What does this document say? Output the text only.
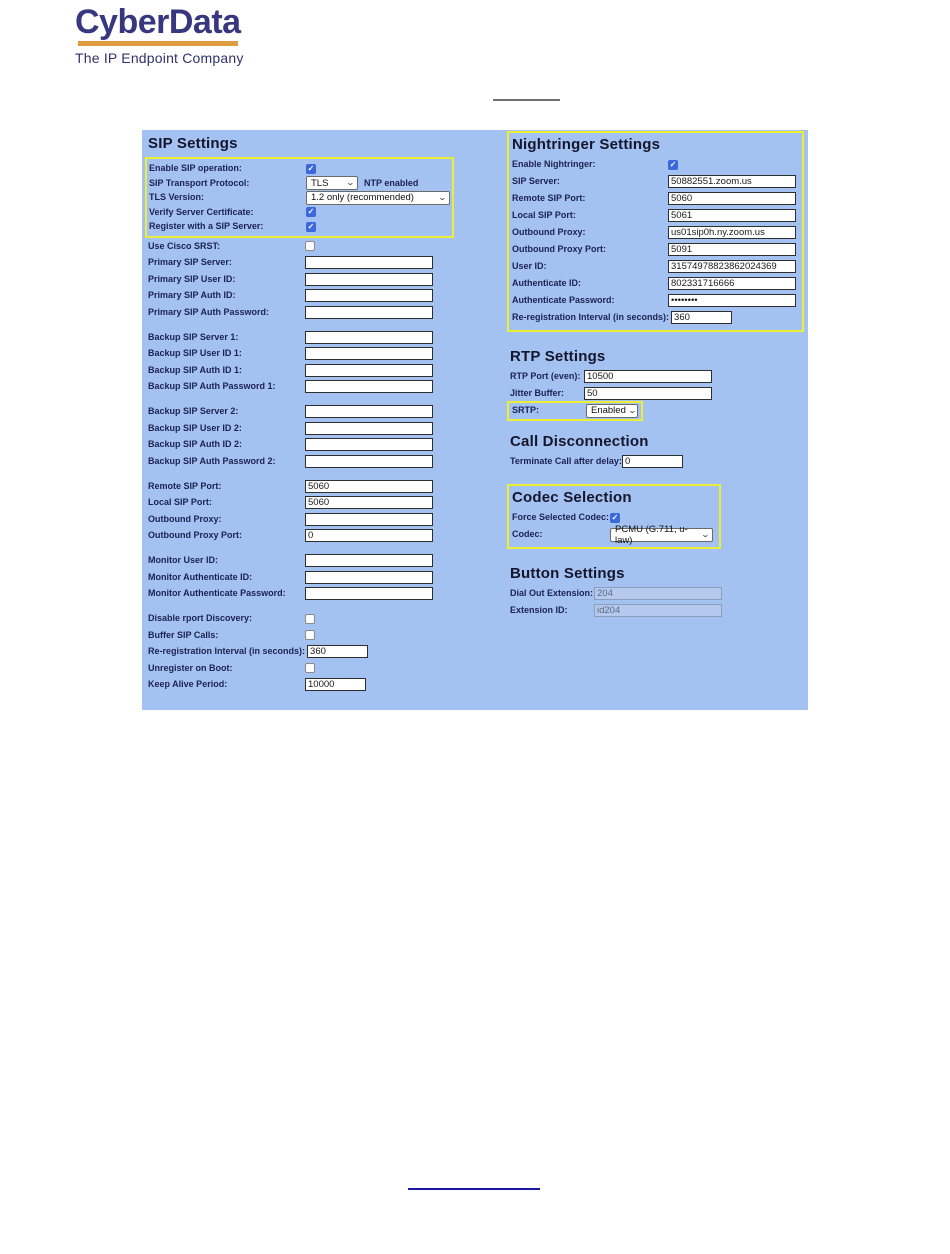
CyberData
The IP Endpoint Company
SIP Settings
Enable SIP operation:
✓
SIP Transport Protocol:	TLS ⌄ NTP enabled
TLS Version:	1.2 only (recommended)	⌄
Verify Server Certificate:
✓
Register with a SIP Server:
✓
Use Cisco SRST:
Primary SIP Server:
Primary SIP User ID:
Primary SIP Auth ID:
Primary SIP Auth Password:
Backup SIP Server 1:
Backup SIP User ID 1:
Backup SIP Auth ID 1:
Backup SIP Auth Password 1:
Backup SIP Server 2:
Backup SIP User ID 2:
Backup SIP Auth ID 2:
Backup SIP Auth Password 2:
Remote SIP Port:
5060
Local SIP Port:
5060
Outbound Proxy:
Outbound Proxy Port:
0
Monitor User ID:
Monitor Authenticate ID:
Monitor Authenticate Password:
Disable rport Discovery:
Buffer SIP Calls:
Re-registration Interval (in seconds):
360
Unregister on Boot:
Keep Alive Period:
10000
Nightringer Settings
Enable Nightringer:
✓
SIP Server:
50882551.zoom.us
Remote SIP Port:
5060
Local SIP Port:
5061
Outbound Proxy:
us01sip0h.ny.zoom.us
Outbound Proxy Port:
5091
User ID:
31574978823862024369
Authenticate ID:
802331716666
Authenticate Password:
••••••••
Re-registration Interval (in seconds):
360
RTP Settings
RTP Port (even):
10500
Jitter Buffer:
50
SRTP:	Enabled ⌄
Call Disconnection
Terminate Call after delay:
0
Codec Selection
Force Selected Codec:
✓
Codec:	PCMU (G.711, u-law)
⌄
Button Settings
Dial Out Extension:
204
Extension ID:
id204
